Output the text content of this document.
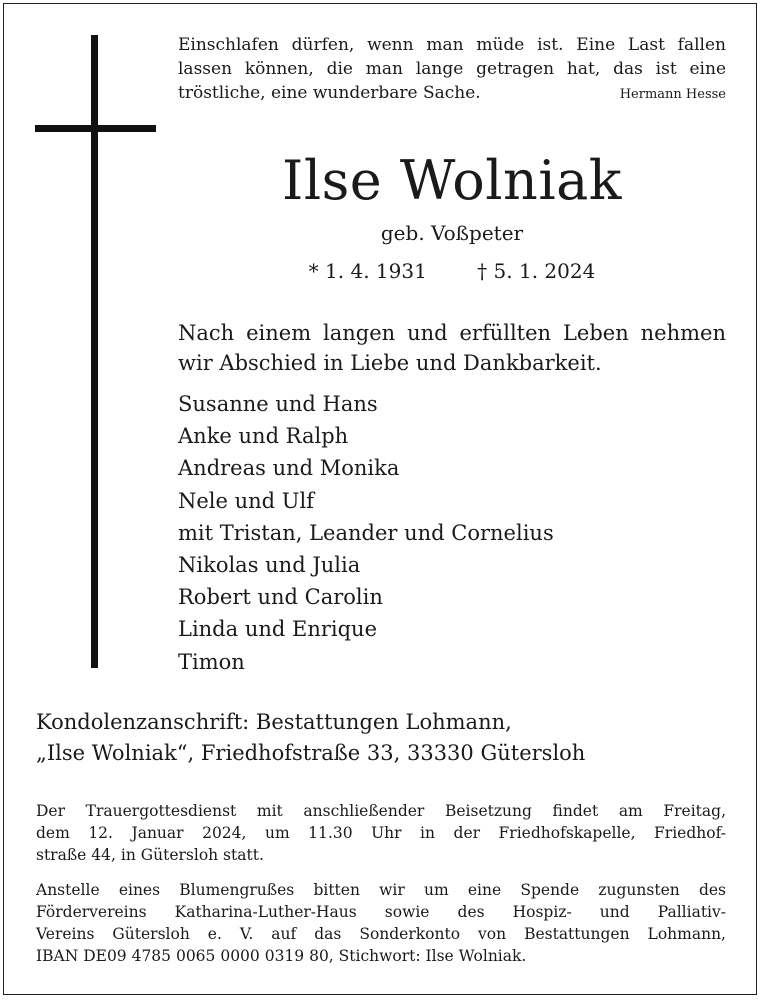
Einschlafen dürfen, wenn man müde ist. Eine Last fallen
lassen können, die man lange getragen hat, das ist eine
tröstliche, eine wunderbare Sache.	Hermann Hesse
Ilse Wolniak
geb. Voßpeter
* 1. 4. 1931	† 5. 1. 2024
Nach einem langen und erfüllten Leben nehmen
wir Abschied in Liebe und Dankbarkeit.
Susanne und Hans
Anke und Ralph
Andreas und Monika
Nele und Ulf
mit Tristan, Leander und Cornelius
Nikolas und Julia
Robert und Carolin
Linda und Enrique
Timon
Kondolenzanschrift: Bestattungen Lohmann,
„Ilse Wolniak“, Friedhofstraße 33, 33330 Gütersloh
Der Trauergottesdienst mit anschließender Beisetzung findet am Freitag,
dem 12. Januar 2024, um 11.30 Uhr in der Friedhofskapelle, Friedhof-
straße 44, in Gütersloh statt.
Anstelle eines Blumengrußes bitten wir um eine Spende zugunsten des
Fördervereins Katharina-Luther-Haus sowie des Hospiz- und Palliativ-
Vereins Gütersloh e. V. auf das Sonderkonto von Bestattungen Lohmann,
IBAN DE09 4785 0065 0000 0319 80, Stichwort: Ilse Wolniak.
